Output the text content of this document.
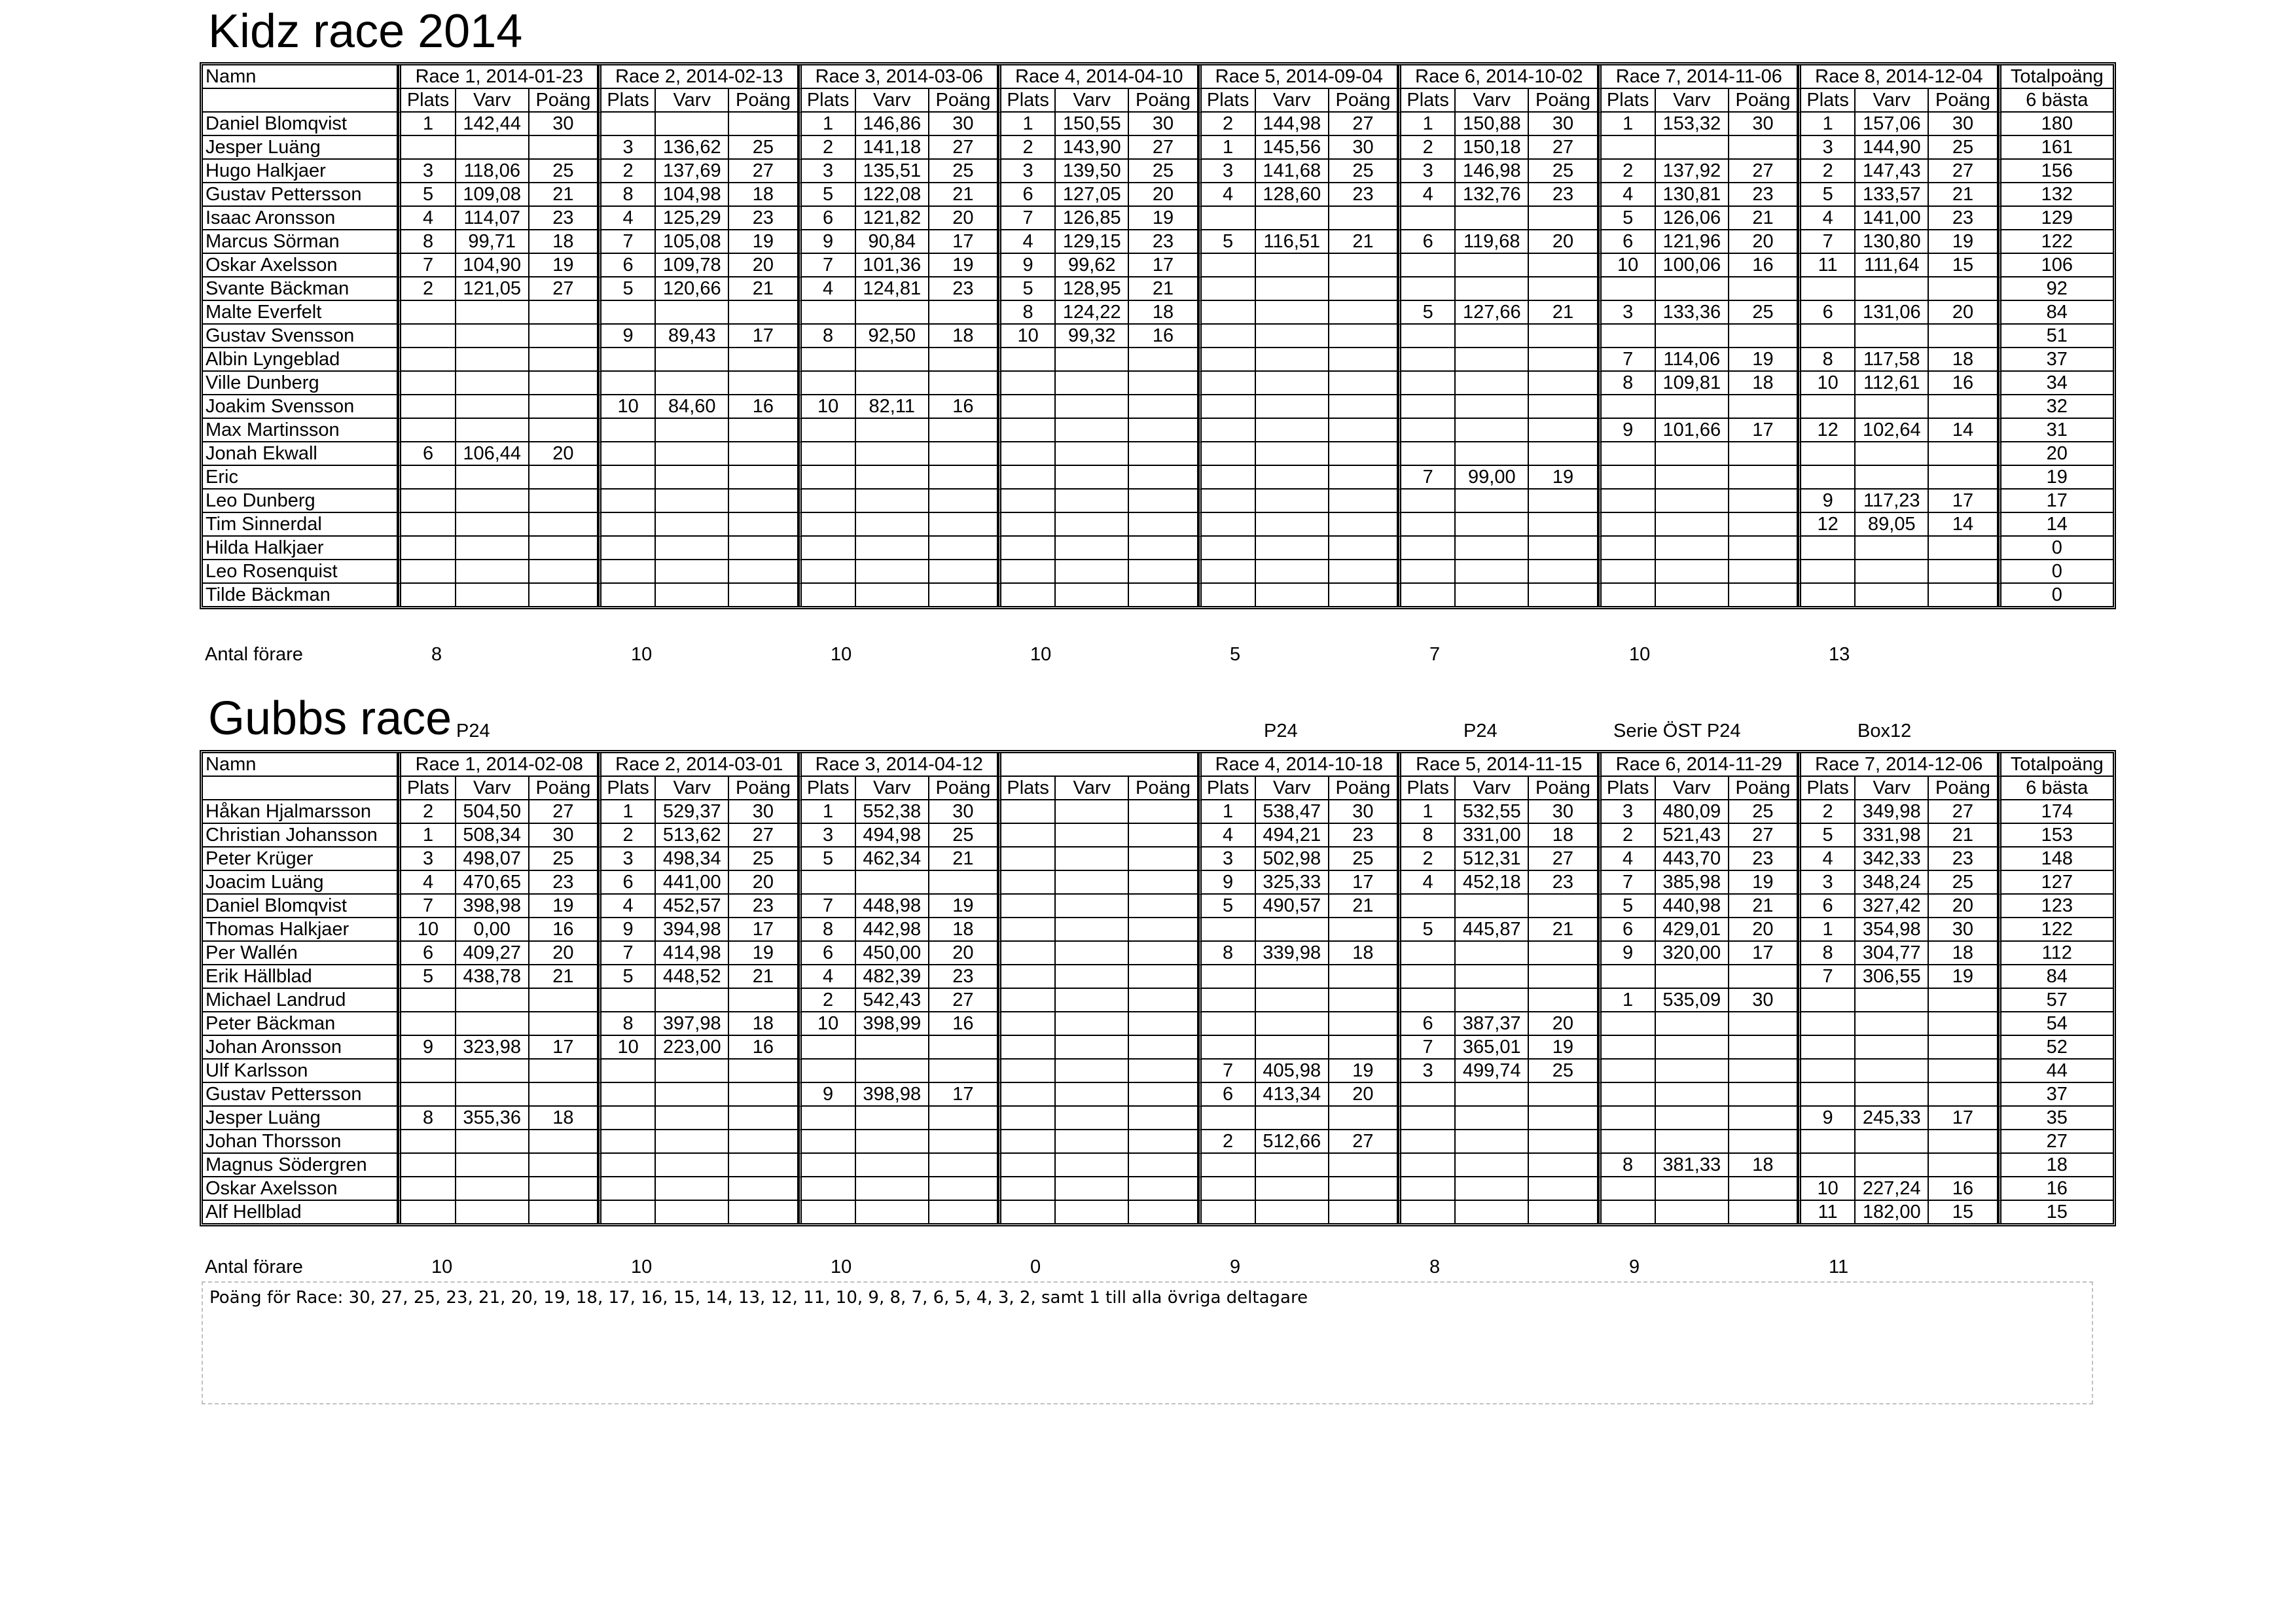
Kidz race 2014
Namn	Race 1, 2014-01-23			Race 2, 2014-02-13			Race 3, 2014-03-06			Race 4, 2014-04-10			Race 5, 2014-09-04			Race 6, 2014-10-02			Race 7, 2014-11-06			Race 8, 2014-12-04			Totalpoäng
	Plats	Varv	Poäng	Plats	Varv	Poäng	Plats	Varv	Poäng	Plats	Varv	Poäng	Plats	Varv	Poäng	Plats	Varv	Poäng	Plats	Varv	Poäng	Plats	Varv	Poäng	6 bästa
Daniel Blomqvist	1	142,44	30				1	146,86	30	1	150,55	30	2	144,98	27	1	150,88	30	1	153,32	30	1	157,06	30	180
Jesper Luäng				3	136,62	25	2	141,18	27	2	143,90	27	1	145,56	30	2	150,18	27				3	144,90	25	161
Hugo Halkjaer	3	118,06	25	2	137,69	27	3	135,51	25	3	139,50	25	3	141,68	25	3	146,98	25	2	137,92	27	2	147,43	27	156
Gustav Pettersson	5	109,08	21	8	104,98	18	5	122,08	21	6	127,05	20	4	128,60	23	4	132,76	23	4	130,81	23	5	133,57	21	132
Isaac Aronsson	4	114,07	23	4	125,29	23	6	121,82	20	7	126,85	19							5	126,06	21	4	141,00	23	129
Marcus Sörman	8	99,71	18	7	105,08	19	9	90,84	17	4	129,15	23	5	116,51	21	6	119,68	20	6	121,96	20	7	130,80	19	122
Oskar Axelsson	7	104,90	19	6	109,78	20	7	101,36	19	9	99,62	17							10	100,06	16	11	111,64	15	106
Svante Bäckman	2	121,05	27	5	120,66	21	4	124,81	23	5	128,95	21													92
Malte Everfelt										8	124,22	18				5	127,66	21	3	133,36	25	6	131,06	20	84
Gustav Svensson				9	89,43	17	8	92,50	18	10	99,32	16													51
Albin Lyngeblad																			7	114,06	19	8	117,58	18	37
Ville Dunberg																			8	109,81	18	10	112,61	16	34
Joakim Svensson				10	84,60	16	10	82,11	16																32
Max Martinsson																			9	101,66	17	12	102,64	14	31
Jonah Ekwall	6	106,44	20																						20
Eric																7	99,00	19							19
Leo Dunberg																						9	117,23	17	17
Tim Sinnerdal																						12	89,05	14	14
Hilda Halkjaer																									0
Leo Rosenquist																									0
Tilde Bäckman																									0
Antal förare	8	10	10	10	5	7	10	13
Gubbs race P24	P24	P24	Serie ÖST P24	Box12
Namn	Race 1, 2014-02-08			Race 2, 2014-03-01			Race 3, 2014-04-12						Race 4, 2014-10-18			Race 5, 2014-11-15			Race 6, 2014-11-29			Race 7, 2014-12-06			Totalpoäng
	Plats	Varv	Poäng	Plats	Varv	Poäng	Plats	Varv	Poäng	Plats	Varv	Poäng	Plats	Varv	Poäng	Plats	Varv	Poäng	Plats	Varv	Poäng	Plats	Varv	Poäng	6 bästa
Håkan Hjalmarsson	2	504,50	27	1	529,37	30	1	552,38	30				1	538,47	30	1	532,55	30	3	480,09	25	2	349,98	27	174
Christian Johansson	1	508,34	30	2	513,62	27	3	494,98	25				4	494,21	23	8	331,00	18	2	521,43	27	5	331,98	21	153
Peter Krüger	3	498,07	25	3	498,34	25	5	462,34	21				3	502,98	25	2	512,31	27	4	443,70	23	4	342,33	23	148
Joacim Luäng	4	470,65	23	6	441,00	20							9	325,33	17	4	452,18	23	7	385,98	19	3	348,24	25	127
Daniel Blomqvist	7	398,98	19	4	452,57	23	7	448,98	19				5	490,57	21				5	440,98	21	6	327,42	20	123
Thomas Halkjaer	10	0,00	16	9	394,98	17	8	442,98	18							5	445,87	21	6	429,01	20	1	354,98	30	122
Per Wallén	6	409,27	20	7	414,98	19	6	450,00	20				8	339,98	18				9	320,00	17	8	304,77	18	112
Erik Hällblad	5	438,78	21	5	448,52	21	4	482,39	23													7	306,55	19	84
Michael Landrud							2	542,43	27										1	535,09	30				57
Peter Bäckman				8	397,98	18	10	398,99	16							6	387,37	20							54
Johan Aronsson	9	323,98	17	10	223,00	16										7	365,01	19							52
Ulf Karlsson													7	405,98	19	3	499,74	25							44
Gustav Pettersson							9	398,98	17				6	413,34	20										37
Jesper Luäng	8	355,36	18																			9	245,33	17	35
Johan Thorsson													2	512,66	27										27
Magnus Södergren																			8	381,33	18				18
Oskar Axelsson																						10	227,24	16	16
Alf Hellblad																						11	182,00	15	15
Antal förare	10	10	10	0	9	8	9	11
Poäng för Race: 30, 27, 25, 23, 21, 20, 19, 18, 17, 16, 15, 14, 13, 12, 11, 10, 9, 8, 7, 6, 5, 4, 3, 2, samt 1 till alla övriga deltagare
